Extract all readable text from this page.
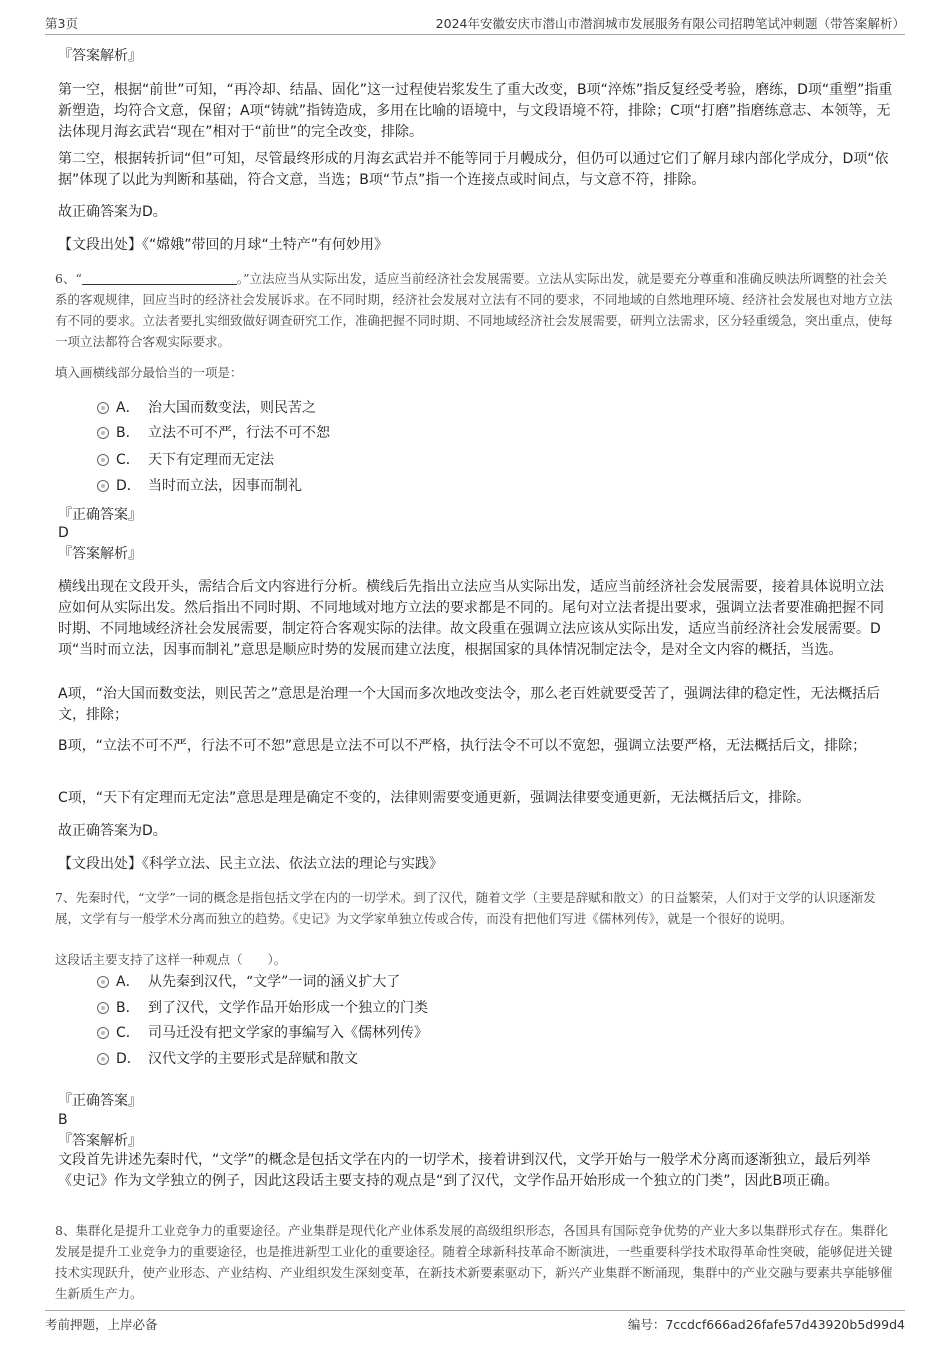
第3页	2024年安徽安庆市潜山市潜润城市发展服务有限公司招聘笔试冲刺题（带答案解析）
『答案解析』

第一空，根据“前世”可知，“再冷却、结晶、固化”这一过程使岩浆发生了重大改变，B项“淬炼”指反复经受考验，磨练，D项“重塑”指重新塑造，均符合文意，保留；A项“铸就”指铸造成，多用在比喻的语境中，与文段语境不符，排除；C项“打磨”指磨练意志、本领等，无法体现月海玄武岩“现在”相对于“前世”的完全改变，排除。

第二空，根据转折词“但”可知，尽管最终形成的月海玄武岩并不能等同于月幔成分，但仍可以通过它们了解月球内部化学成分，D项“依据”体现了以此为判断和基础，符合文意，当选；B项“节点”指一个连接点或时间点，与文意不符，排除。

故正确答案为D。
【文段出处】《“嫦娥”带回的月球“土特产”有何妙用》

6、“	。”立法应当从实际出发，适应当前经济社会发展需要。立法从实际出发，就是要充分尊重和准确反映法所调整的社会关系的客观规律，回应当时的经济社会发展诉求。在不同时期，经济社会发展对立法有不同的要求，不同地域的自然地理环境、经济社会发展也对地方立法有不同的要求。立法者要扎实细致做好调查研究工作，准确把握不同时期、不同地域经济社会发展需要，研判立法需求，区分轻重缓急，突出重点，使每一项立法都符合客观实际要求。

填入画横线部分最恰当的一项是：
A． 治大国而数变法，则民苦之
B． 立法不可不严，行法不可不恕
C． 天下有定理而无定法
D． 当时而立法，因事而制礼
『正确答案』
D
『答案解析』

横线出现在文段开头，需结合后文内容进行分析。横线后先指出立法应当从实际出发，适应当前经济社会发展需要，接着具体说明立法应如何从实际出发。然后指出不同时期、不同地域对地方立法的要求都是不同的。尾句对立法者提出要求，强调立法者要准确把握不同时期、不同地域经济社会发展需要，制定符合客观实际的法律。故文段重在强调立法应该从实际出发，适应当前经济社会发展需要。D项“当时而立法，因事而制礼”意思是顺应时势的发展而建立法度，根据国家的具体情况制定法令，是对全文内容的概括，当选。

A项，“治大国而数变法，则民苦之”意思是治理一个大国而多次地改变法令，那么老百姓就要受苦了，强调法律的稳定性，无法概括后文，排除；

B项，“立法不可不严，行法不可不恕”意思是立法不可以不严格，执行法令不可以不宽恕，强调立法要严格，无法概括后文，排除；

C项，“天下有定理而无定法”意思是理是确定不变的，法律则需要变通更新，强调法律要变通更新，无法概括后文，排除。

故正确答案为D。
【文段出处】《科学立法、民主立法、依法立法的理论与实践》

7、先秦时代，“文学”一词的概念是指包括文学在内的一切学术。到了汉代，随着文学（主要是辞赋和散文）的日益繁荣，人们对于文学的认识逐渐发展，文学有与一般学术分离而独立的趋势。《史记》为文学家单独立传或合传，而没有把他们写进《儒林列传》，就是一个很好的说明。

这段话主要支持了这样一种观点（　　）。
A． 从先秦到汉代，“文学”一词的涵义扩大了
B． 到了汉代，文学作品开始形成一个独立的门类
C． 司马迁没有把文学家的事编写入《儒林列传》
D． 汉代文学的主要形式是辞赋和散文
『正确答案』
B
『答案解析』

文段首先讲述先秦时代，“文学”的概念是包括文学在内的一切学术，接着讲到汉代，文学开始与一般学术分离而逐渐独立，最后列举《史记》作为文学独立的例子，因此这段话主要支持的观点是“到了汉代，文学作品开始形成一个独立的门类”，因此B项正确。

8、集群化是提升工业竞争力的重要途径。产业集群是现代化产业体系发展的高级组织形态，各国具有国际竞争优势的产业大多以集群形式存在。集群化发展是提升工业竞争力的重要途径，也是推进新型工业化的重要途径。随着全球新科技革命不断演进，一些重要科学技术取得革命性突破，能够促进关键技术实现跃升，使产业形态、产业结构、产业组织发生深刻变革，在新技术新要素驱动下，新兴产业集群不断涌现，集群中的产业交融与要素共享能够催生新质生产力。

考前押题，上岸必备	编号：7ccdcf666ad26fafe57d43920b5d99d4
